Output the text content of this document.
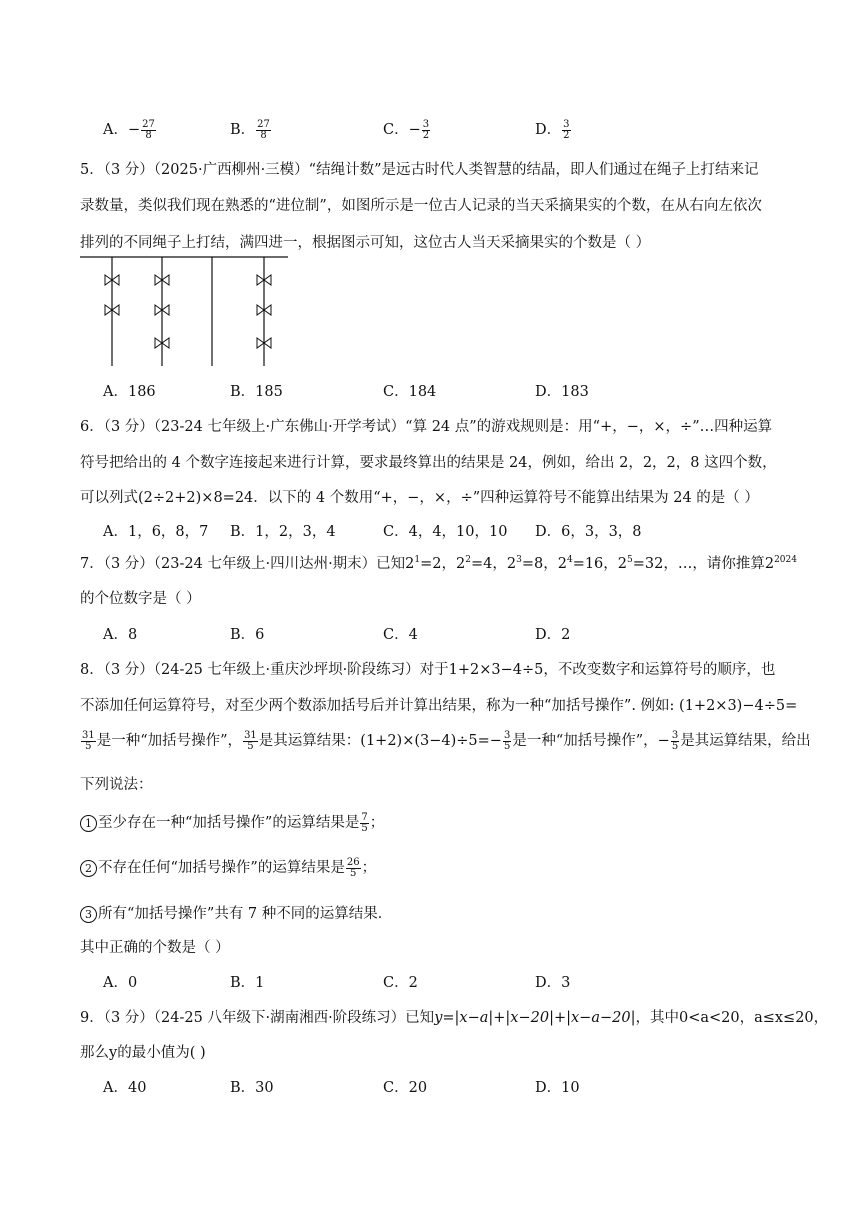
A．− $\frac{27}{8}$	B． $\frac{27}{8}$	C．− $\frac{3}{2}$	D． $\frac{3}{2}$
5．（3 分）（2025·广西柳州·三模）“结绳计数”是远古时代人类智慧的结晶，即人们通过在绳子上打结来记
录数量，类似我们现在熟悉的“进位制”，如图所示是一位古人记录的当天采摘果实的个数，在从右向左依次
排列的不同绳子上打结，满四进一，根据图示可知，这位古人当天采摘果实的个数是（ ）
A．186	B．185	C．184	D．183
6．（3 分）（23-24 七年级上·广东佛山·开学考试）“算 24 点”的游戏规则是：用“+，−，×，÷”…四种运算
符号把给出的 4 个数字连接起来进行计算，要求最终算出的结果是 24，例如，给出 2，2，2，8 这四个数，
可以列式(2÷2+2)×8=24．以下的 4 个数用“+，−，×，÷”四种运算符号不能算出结果为 24 的是（ ）
A．1，6，8，7 B．1，2，3，4	C．4，4，10，10 D．6，3，3，8
7．（3 分）（23-24 七年级上·四川达州·期末）已知$2^1=2$，$2^2=4$，$2^3=8$，$2^4=16$，$2^5=32$，…，请你推算$2^{2024}$
的个位数字是（ ）
A．8	B．6	C．4	D．2
8．（3 分）（24-25 七年级上·重庆沙坪坝·阶段练习）对于1+2×3−4÷5，不改变数字和运算符号的顺序，也
不添加任何运算符号，对至少两个数添加括号后并计算出结果，称为一种“加括号操作”. 例如: (1+2×3)−4÷5=
$\frac{31}{5}$ 是一种“加括号操作”， $\frac{31}{5}$ 是其运算结果：$(1+2)\times(3-4)\div 5=- \frac{3}{5}$ 是一种“加括号操作”，− $\frac{3}{5}$ 是其运算结果，给出
下列说法：
1 至少存在一种“加括号操作”的运算结果是 $\frac{7}{5}$ ；
2 不存在任何“加括号操作”的运算结果是 $\frac{26}{5}$ ；
3 所有“加括号操作”共有 7 种不同的运算结果．
其中正确的个数是（ ）
A．0	B．1	C．2	D．3
9．（3 分）（24-25 八年级下·湖南湘西·阶段练习）已知y=|x−a|+|x−20|+|x−a−20|，其中0<a<20，a≤x≤20，
那么y的最小值为( )
A．40	B．30	C．20	D．10
